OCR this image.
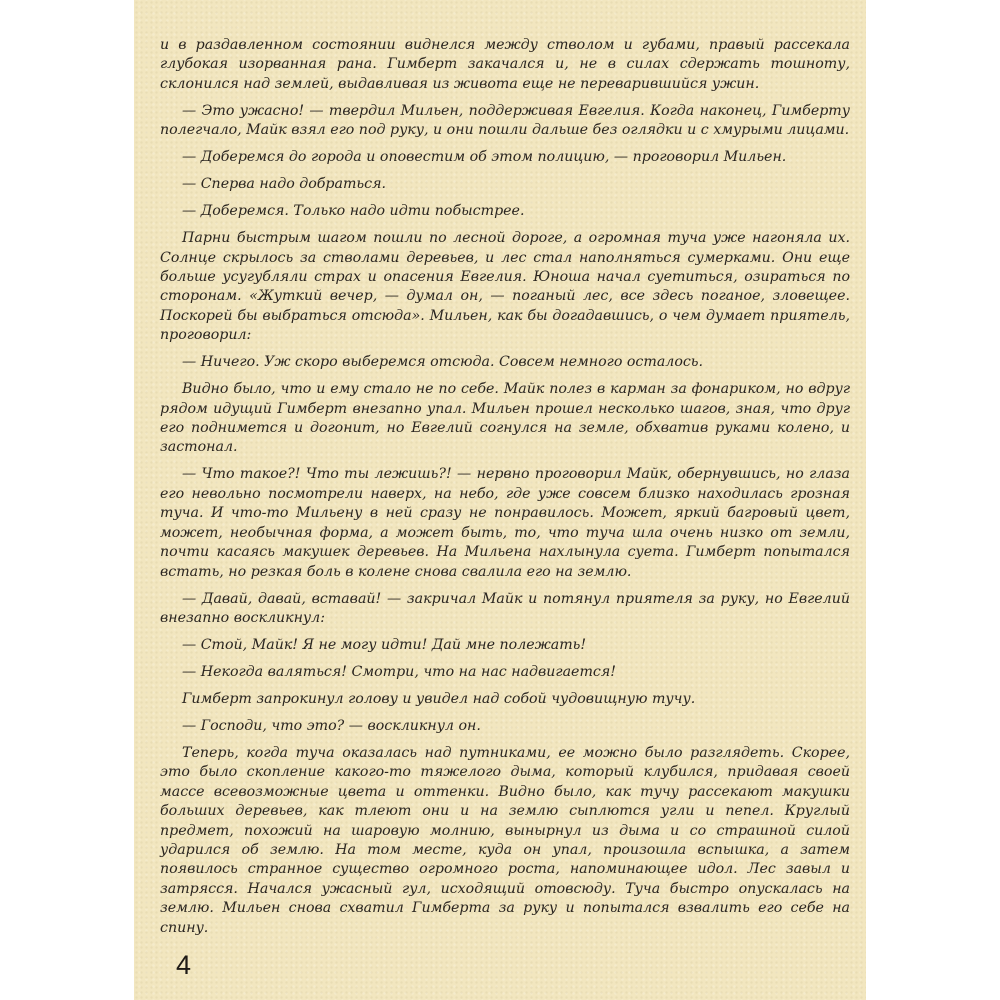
и в раздавленном состоянии виднелся между стволом и губами, правый рассекала глубокая изорванная рана. Гимберт закачался и, не в силах сдержать тошноту, склонился над землей, выдавливая из живота еще не переварившийся ужин.

— Это ужасно! — твердил Мильен, поддерживая Евгелия. Когда наконец, Гимберту полегчало, Майк взял его под руку, и они пошли дальше без оглядки и с хмурыми лицами.

— Доберемся до города и оповестим об этом полицию, — проговорил Мильен.

— Сперва надо добраться.

— Доберемся. Только надо идти побыстрее.

Парни быстрым шагом пошли по лесной дороге, а огромная туча уже нагоняла их. Солнце скрылось за стволами деревьев, и лес стал наполняться сумерками. Они еще больше усугубляли страх и опасения Евгелия. Юноша начал суетиться, озираться по сторонам. «Жуткий вечер, — думал он, — поганый лес, все здесь поганое, зловещее. Поскорей бы выбраться отсюда». Мильен, как бы догадавшись, о чем думает приятель, проговорил:

— Ничего. Уж скоро выберемся отсюда. Совсем немного осталось.

Видно было, что и ему стало не по себе. Майк полез в карман за фонариком, но вдруг рядом идущий Гимберт внезапно упал. Мильен прошел несколько шагов, зная, что друг его поднимется и догонит, но Евгелий согнулся на земле, обхватив руками колено, и застонал.

— Что такое?! Что ты лежишь?! — нервно проговорил Майк, обернувшись, но глаза его невольно посмотрели наверх, на небо, где уже совсем близко находилась грозная туча. И что-то Мильену в ней сразу не понравилось. Может, яркий багровый цвет, может, необычная форма, а может быть, то, что туча шла очень низко от земли, почти касаясь макушек деревьев. На Мильена нахлынула суета. Гимберт попытался встать, но резкая боль в колене снова свалила его на землю.

— Давай, давай, вставай! — закричал Майк и потянул приятеля за руку, но Евгелий внезапно воскликнул:

— Стой, Майк! Я не могу идти! Дай мне полежать!

— Некогда валяться! Смотри, что на нас надвигается!

Гимберт запрокинул голову и увидел над собой чудовищную тучу.

— Господи, что это? — воскликнул он.

Теперь, когда туча оказалась над путниками, ее можно было разглядеть. Скорее, это было скопление какого-то тяжелого дыма, который клубился, придавая своей массе всевозможные цвета и оттенки. Видно было, как тучу рассекают макушки больших деревьев, как тлеют они и на землю сыплются угли и пепел. Круглый предмет, похожий на шаровую молнию, вынырнул из дыма и со страшной силой ударился об землю. На том месте, куда он упал, произошла вспышка, а затем появилось странное существо огромного роста, напоминающее идол. Лес завыл и затрясся. Начался ужасный гул, исходящий отовсюду. Туча быстро опускалась на землю. Мильен снова схватил Гимберта за руку и попытался взвалить его себе на спину.

4
